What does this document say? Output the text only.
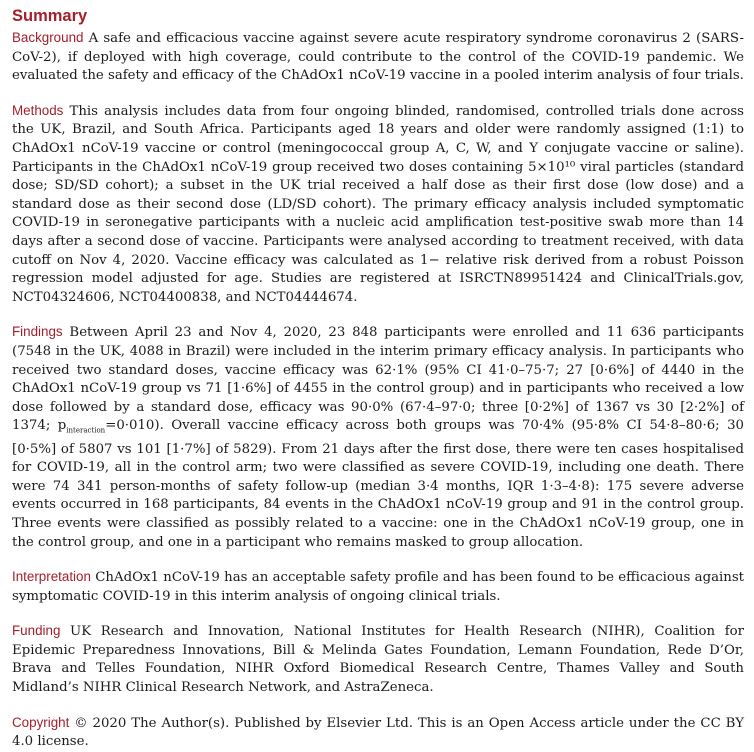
Summary

Background A safe and efficacious vaccine against severe acute respiratory syndrome coronavirus 2 (SARS-CoV-2), if deployed with high coverage, could contribute to the control of the COVID-19 pandemic. We evaluated the safety and efficacy of the ChAdOx1 nCoV-19 vaccine in a pooled interim analysis of four trials.

Methods This analysis includes data from four ongoing blinded, randomised, controlled trials done across the UK, Brazil, and South Africa. Participants aged 18 years and older were randomly assigned (1:1) to ChAdOx1 nCoV-19 vaccine or control (meningococcal group A, C, W, and Y conjugate vaccine or saline). Participants in the ChAdOx1 nCoV-19 group received two doses containing 5×10¹⁰ viral particles (standard dose; SD/SD cohort); a subset in the UK trial received a half dose as their first dose (low dose) and a standard dose as their second dose (LD/SD cohort). The primary efficacy analysis included symptomatic COVID-19 in seronegative participants with a nucleic acid amplification test-positive swab more than 14 days after a second dose of vaccine. Participants were analysed according to treatment received, with data cutoff on Nov 4, 2020. Vaccine efficacy was calculated as 1− relative risk derived from a robust Poisson regression model adjusted for age. Studies are registered at ISRCTN89951424 and ClinicalTrials.gov, NCT04324606, NCT04400838, and NCT04444674.

Findings Between April 23 and Nov 4, 2020, 23 848 participants were enrolled and 11 636 participants (7548 in the UK, 4088 in Brazil) were included in the interim primary efficacy analysis. In participants who received two standard doses, vaccine efficacy was 62·1% (95% CI 41·0–75·7; 27 [0·6%] of 4440 in the ChAdOx1 nCoV-19 group vs 71 [1·6%] of 4455 in the control group) and in participants who received a low dose followed by a standard dose, efficacy was 90·0% (67·4–97·0; three [0·2%] of 1367 vs 30 [2·2%] of 1374; $p_{interaction}=0\cdot 010$). Overall vaccine efficacy across both groups was 70·4% (95·8% CI 54·8–80·6; 30 [0·5%] of 5807 vs 101 [1·7%] of 5829). From 21 days after the first dose, there were ten cases hospitalised for COVID-19, all in the control arm; two were classified as severe COVID-19, including one death. There were 74 341 person-months of safety follow-up (median 3·4 months, IQR 1·3–4·8): 175 severe adverse events occurred in 168 participants, 84 events in the ChAdOx1 nCoV-19 group and 91 in the control group. Three events were classified as possibly related to a vaccine: one in the ChAdOx1 nCoV-19 group, one in the control group, and one in a participant who remains masked to group allocation.

Interpretation ChAdOx1 nCoV-19 has an acceptable safety profile and has been found to be efficacious against symptomatic COVID-19 in this interim analysis of ongoing clinical trials.

Funding UK Research and Innovation, National Institutes for Health Research (NIHR), Coalition for Epidemic Preparedness Innovations, Bill & Melinda Gates Foundation, Lemann Foundation, Rede D’Or, Brava and Telles Foundation, NIHR Oxford Biomedical Research Centre, Thames Valley and South Midland’s NIHR Clinical Research Network, and AstraZeneca.

Copyright © 2020 The Author(s). Published by Elsevier Ltd. This is an Open Access article under the CC BY 4.0 license.
